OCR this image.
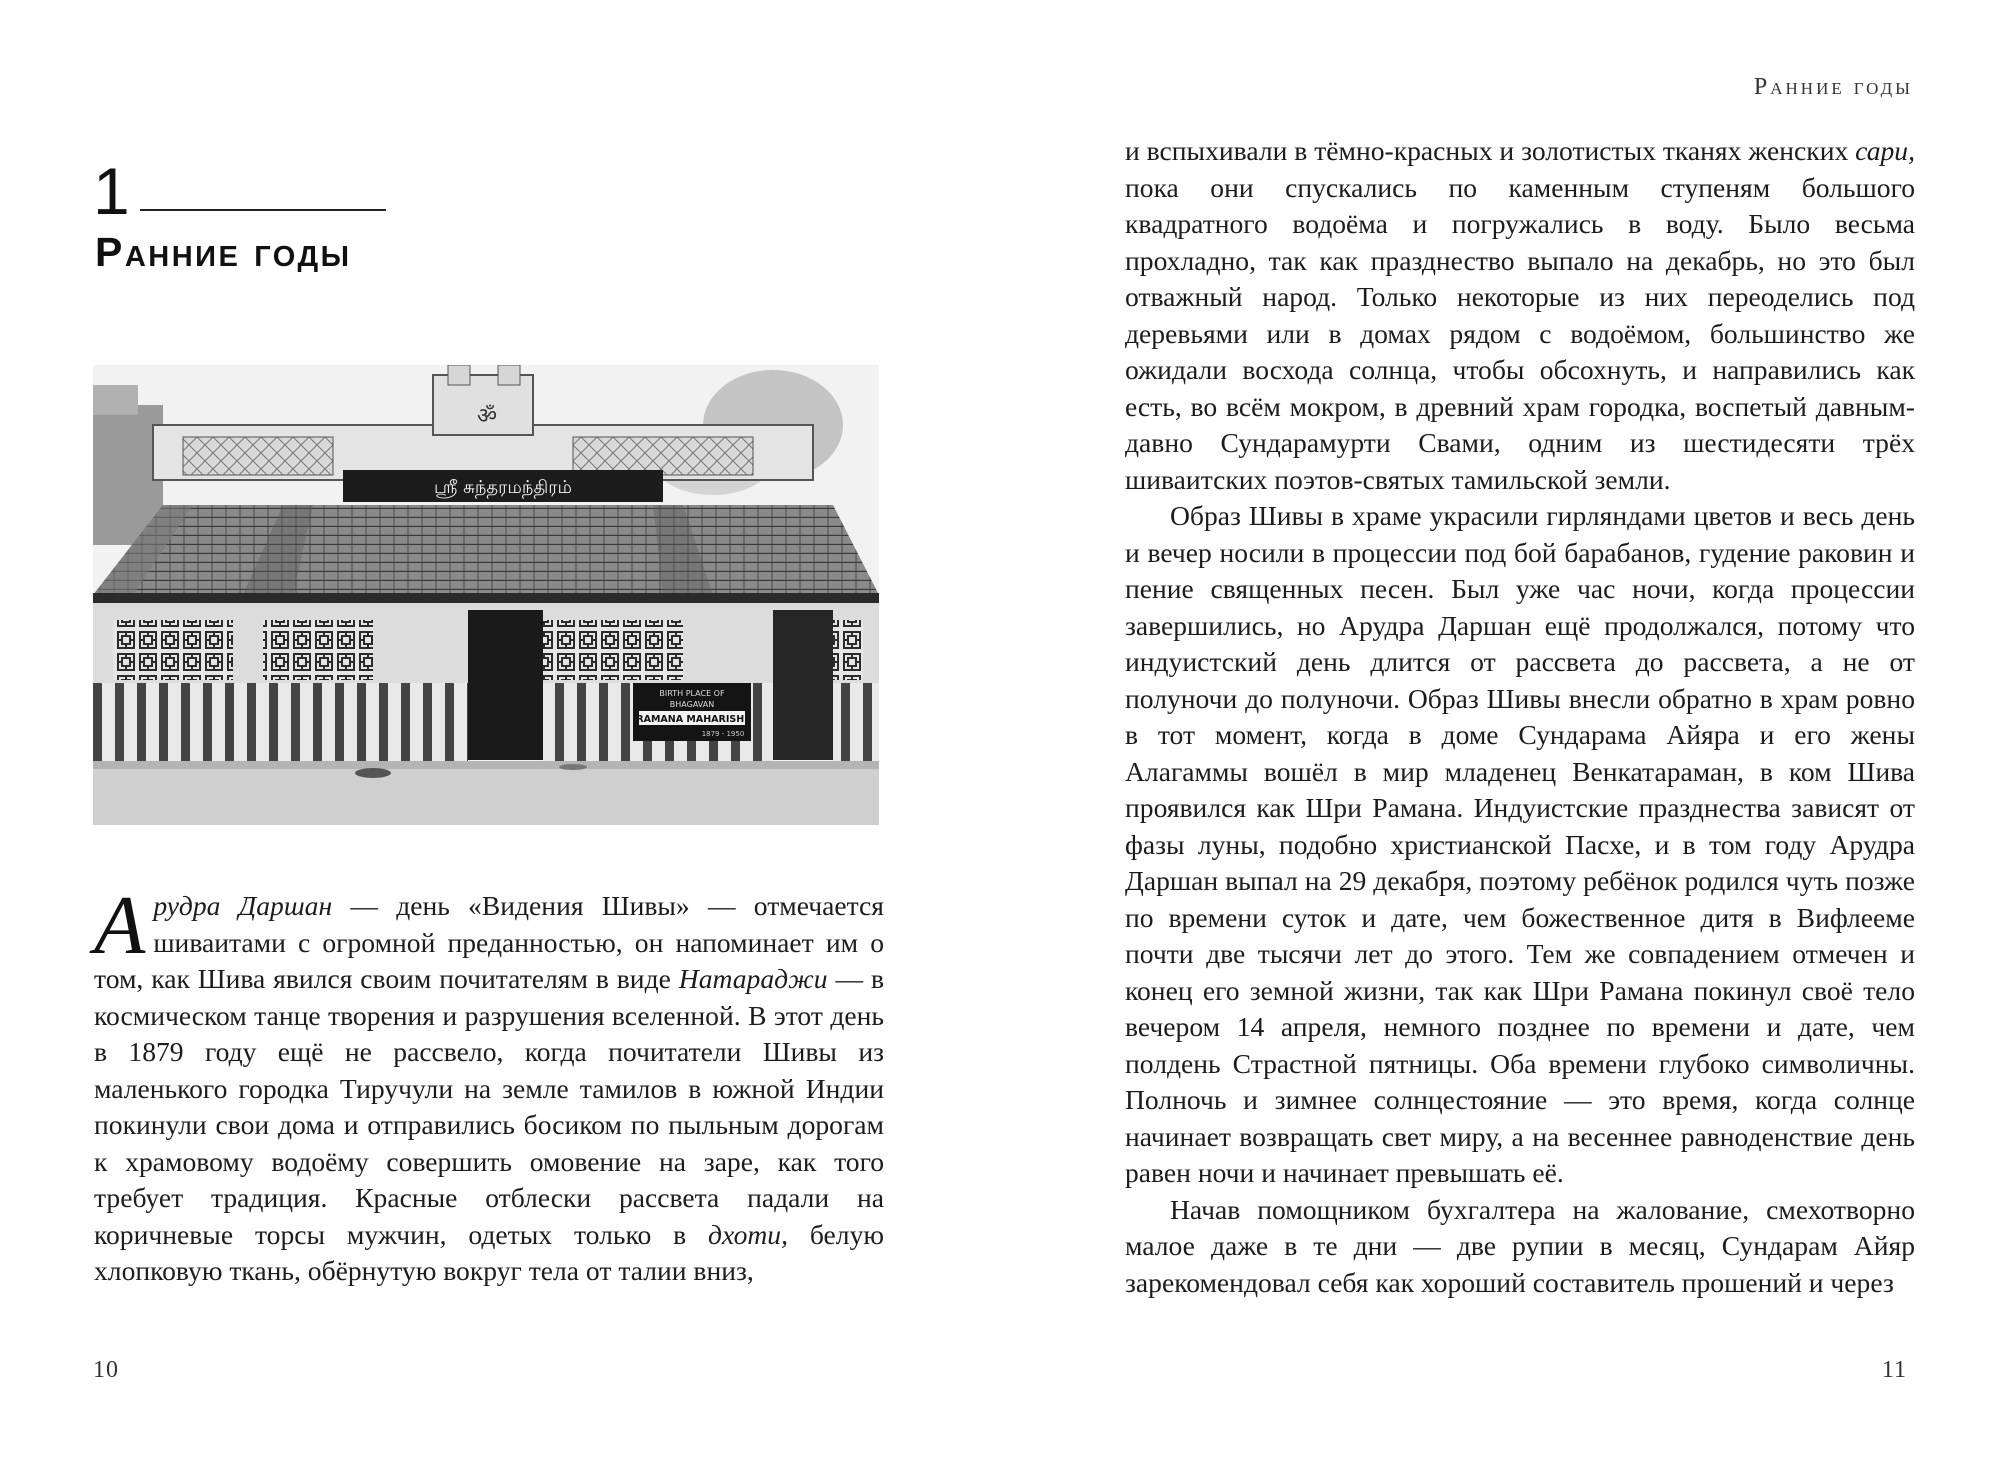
1
Ранние годы
ॐ
ஸ்ரீ சுந்தரமந்திரம்
BIRTH PLACE OF
BHAGAVAN
RAMANA MAHARISHI
1879 - 1950

Арудра Даршан — день «Видения Шивы» — отмечается шиваитами с огромной преданностью, он напоминает им о том, как Шива явился своим почитателям в виде Натараджи — в космическом танце творения и разрушения вселенной. В этот день в 1879 году ещё не рассвело, когда почитатели Шивы из маленького городка Тиручули на земле тамилов в южной Индии покинули свои дома и отправились босиком по пыльным дорогам к храмовому водоёму совершить омовение на заре, как того требует традиция. Красные отблески рассвета падали на коричневые торсы мужчин, одетых только в дхоти, белую хлопковую ткань, обёрнутую вокруг тела от талии вниз,

10
Ранние годы

и вспыхивали в тёмно-красных и золотистых тканях женских сари, пока они спускались по каменным ступеням большого квадратного водоёма и погружались в воду. Было весьма прохладно, так как празднество выпало на декабрь, но это был отважный народ. Только некоторые из них переоделись под деревьями или в домах рядом с водоёмом, большинство же ожидали восхода солнца, чтобы обсохнуть, и направились как есть, во всём мокром, в древний храм городка, воспетый давным-давно Сундарамурти Свами, одним из шестидесяти трёх шиваитских поэтов-святых тамильской земли.

Образ Шивы в храме украсили гирляндами цветов и весь день и вечер носили в процессии под бой барабанов, гудение раковин и пение священных песен. Был уже час ночи, когда процессии завершились, но Арудра Даршан ещё продолжался, потому что индуистский день длится от рассвета до рассвета, а не от полуночи до полуночи. Образ Шивы внесли обратно в храм ровно в тот момент, когда в доме Сундарама Айяра и его жены Алагаммы вошёл в мир младенец Венкатараман, в ком Шива проявился как Шри Рамана. Индуистские празднества зависят от фазы луны, подобно христианской Пасхе, и в том году Арудра Даршан выпал на 29 декабря, поэтому ребёнок родился чуть позже по времени суток и дате, чем божественное дитя в Вифлееме почти две тысячи лет до этого. Тем же совпадением отмечен и конец его земной жизни, так как Шри Рамана покинул своё тело вечером 14 апреля, немного позднее по времени и дате, чем полдень Страстной пятницы. Оба времени глубоко символичны. Полночь и зимнее солнцестояние — это время, когда солнце начинает возвращать свет миру, а на весеннее равноденствие день равен ночи и начинает превышать её.

Начав помощником бухгалтера на жалование, смехотворно малое даже в те дни — две рупии в месяц, Сундарам Айяр зарекомендовал себя как хороший составитель прошений и через

11
